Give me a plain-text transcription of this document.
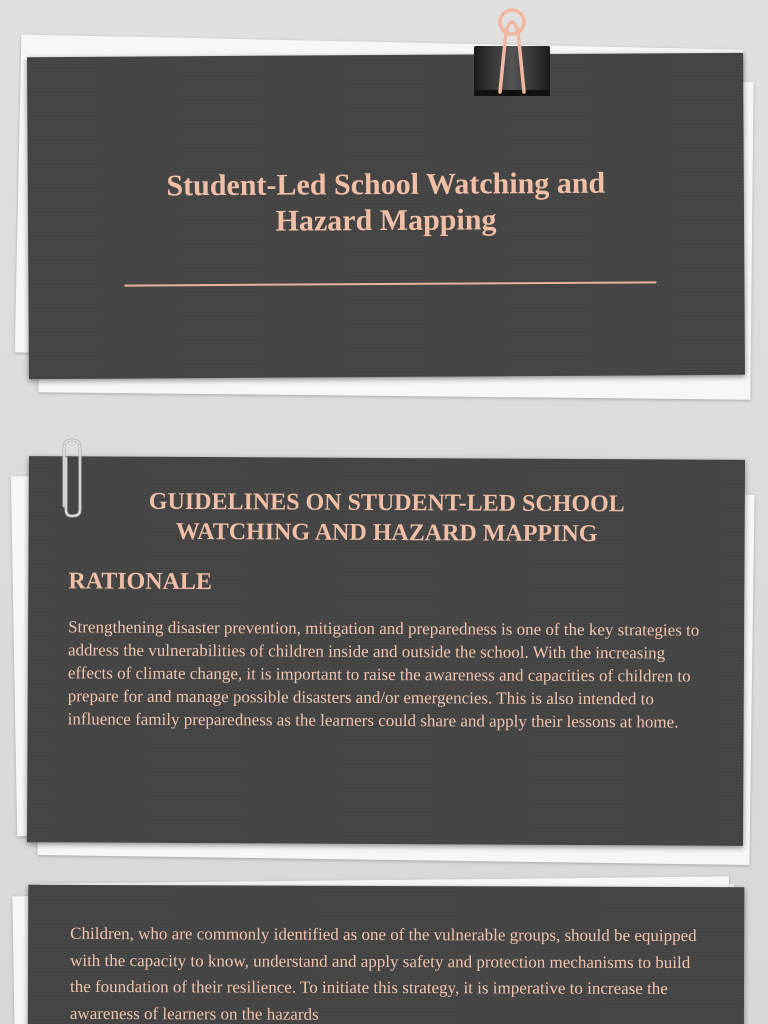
Student-Led School Watching and
Hazard Mapping
GUIDELINES ON STUDENT-LED SCHOOL
WATCHING AND HAZARD MAPPING
RATIONALE
Strengthening disaster prevention, mitigation and preparedness is one of the key strategies to address the vulnerabilities of children inside and outside the school. With the increasing effects of climate change, it is important to raise the awareness and capacities of children to prepare for and manage possible disasters and/or emergencies. This is also intended to influence family preparedness as the learners could share and apply their lessons at home.
Children, who are commonly identified as one of the vulnerable groups, should be equipped with the capacity to know, understand and apply safety and protection mechanisms to build the foundation of their resilience. To initiate this strategy, it is imperative to increase the awareness of learners on the hazards
